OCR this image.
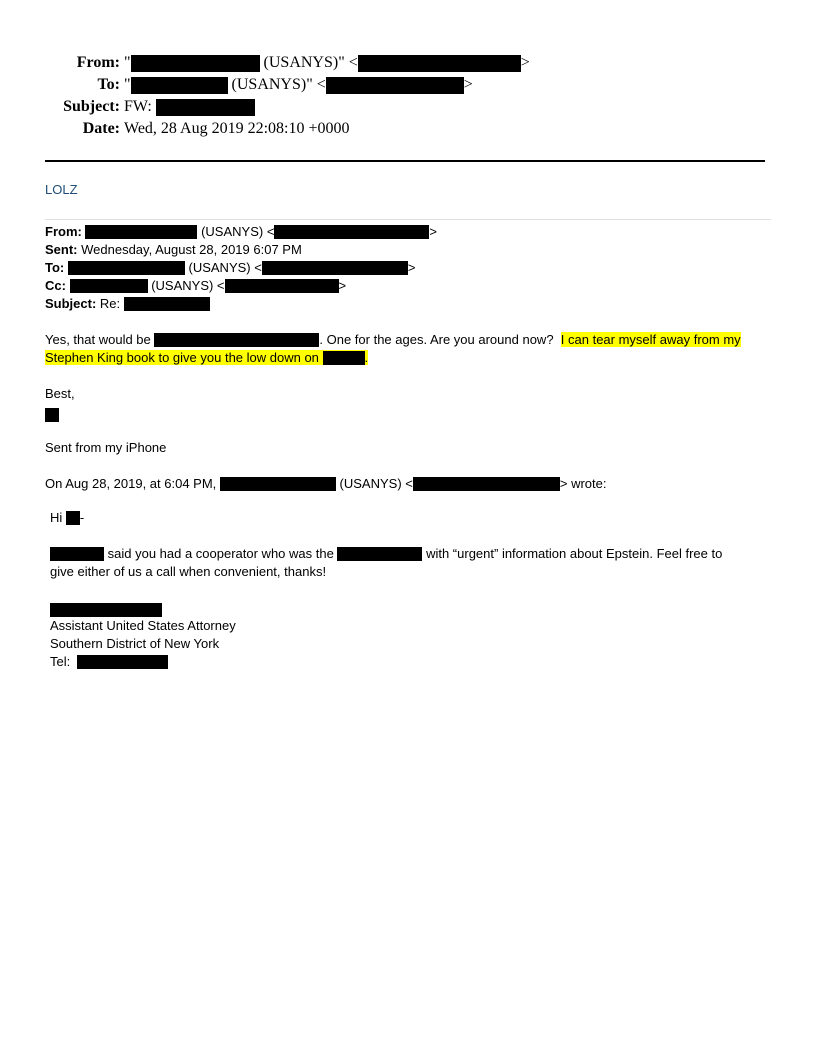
From: "	(USANYS)" <	>
To: "	(USANYS)" <	>
Subject: FW:
Date: Wed, 28 Aug 2019 22:08:10 +0000
LOLZ
From:	(USANYS) <	>
Sent: Wednesday, August 28, 2019 6:07 PM
To:	(USANYS) <	>
Cc:	(USANYS) <	>
Subject: Re:
Yes, that would be	. One for the ages. Are you around now? I can tear myself away from my
Stephen King book to give you the low down on	.
Best,
Sent from my iPhone
On Aug 28, 2019, at 6:04 PM,	(USANYS) <	> wrote:
Hi -
said you had a cooperator who was the	with “urgent” information about Epstein. Feel free to
give either of us a call when convenient, thanks!
Assistant United States Attorney
Southern District of New York
Tel:
